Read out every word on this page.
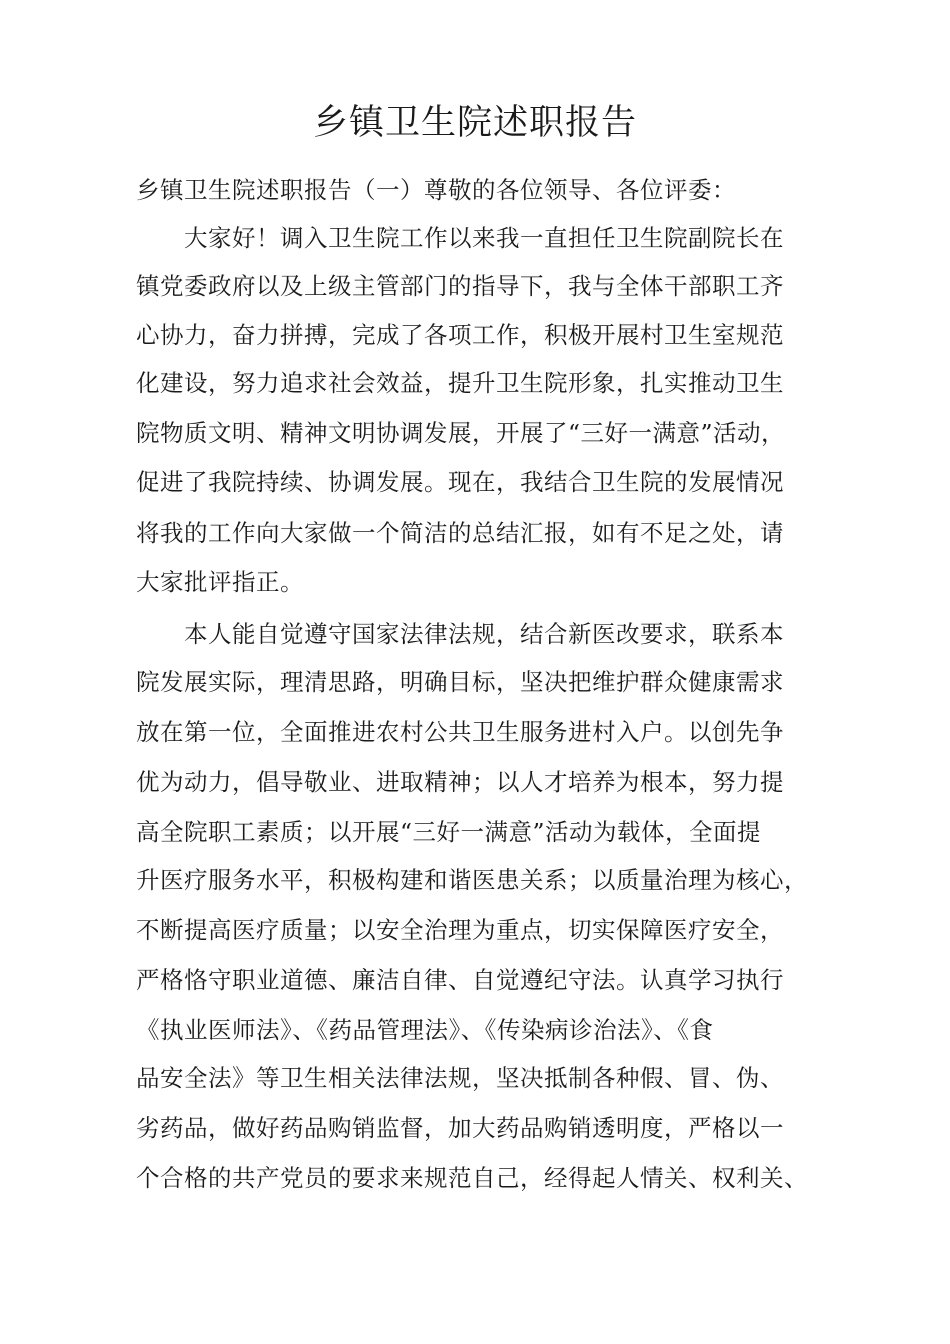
乡镇卫生院述职报告
乡镇卫生院述职报告（一）尊敬的各位领导、各位评委：
　　大家好！调入卫生院工作以来我一直担任卫生院副院长在
镇党委政府以及上级主管部门的指导下，我与全体干部职工齐
心协力，奋力拼搏，完成了各项工作，积极开展村卫生室规范
化建设，努力追求社会效益，提升卫生院形象，扎实推动卫生
院物质文明、精神文明协调发展，开展了“三好一满意”活动，
促进了我院持续、协调发展。现在，我结合卫生院的发展情况
将我的工作向大家做一个简洁的总结汇报，如有不足之处，请
大家批评指正。
　　本人能自觉遵守国家法律法规，结合新医改要求，联系本
院发展实际，理清思路，明确目标，坚决把维护群众健康需求
放在第一位，全面推进农村公共卫生服务进村入户。以创先争
优为动力，倡导敬业、进取精神；以人才培养为根本，努力提
高全院职工素质；以开展“三好一满意”活动为载体，全面提
升医疗服务水平，积极构建和谐医患关系；以质量治理为核心，
不断提高医疗质量；以安全治理为重点，切实保障医疗安全，
严格恪守职业道德、廉洁自律、自觉遵纪守法。认真学习执行
《执业医师法》、《药品管理法》、《传染病诊治法》、《食
品安全法》等卫生相关法律法规，坚决抵制各种假、冒、伪、
劣药品，做好药品购销监督，加大药品购销透明度，严格以一
个合格的共产党员的要求来规范自己，经得起人情关、权利关、
